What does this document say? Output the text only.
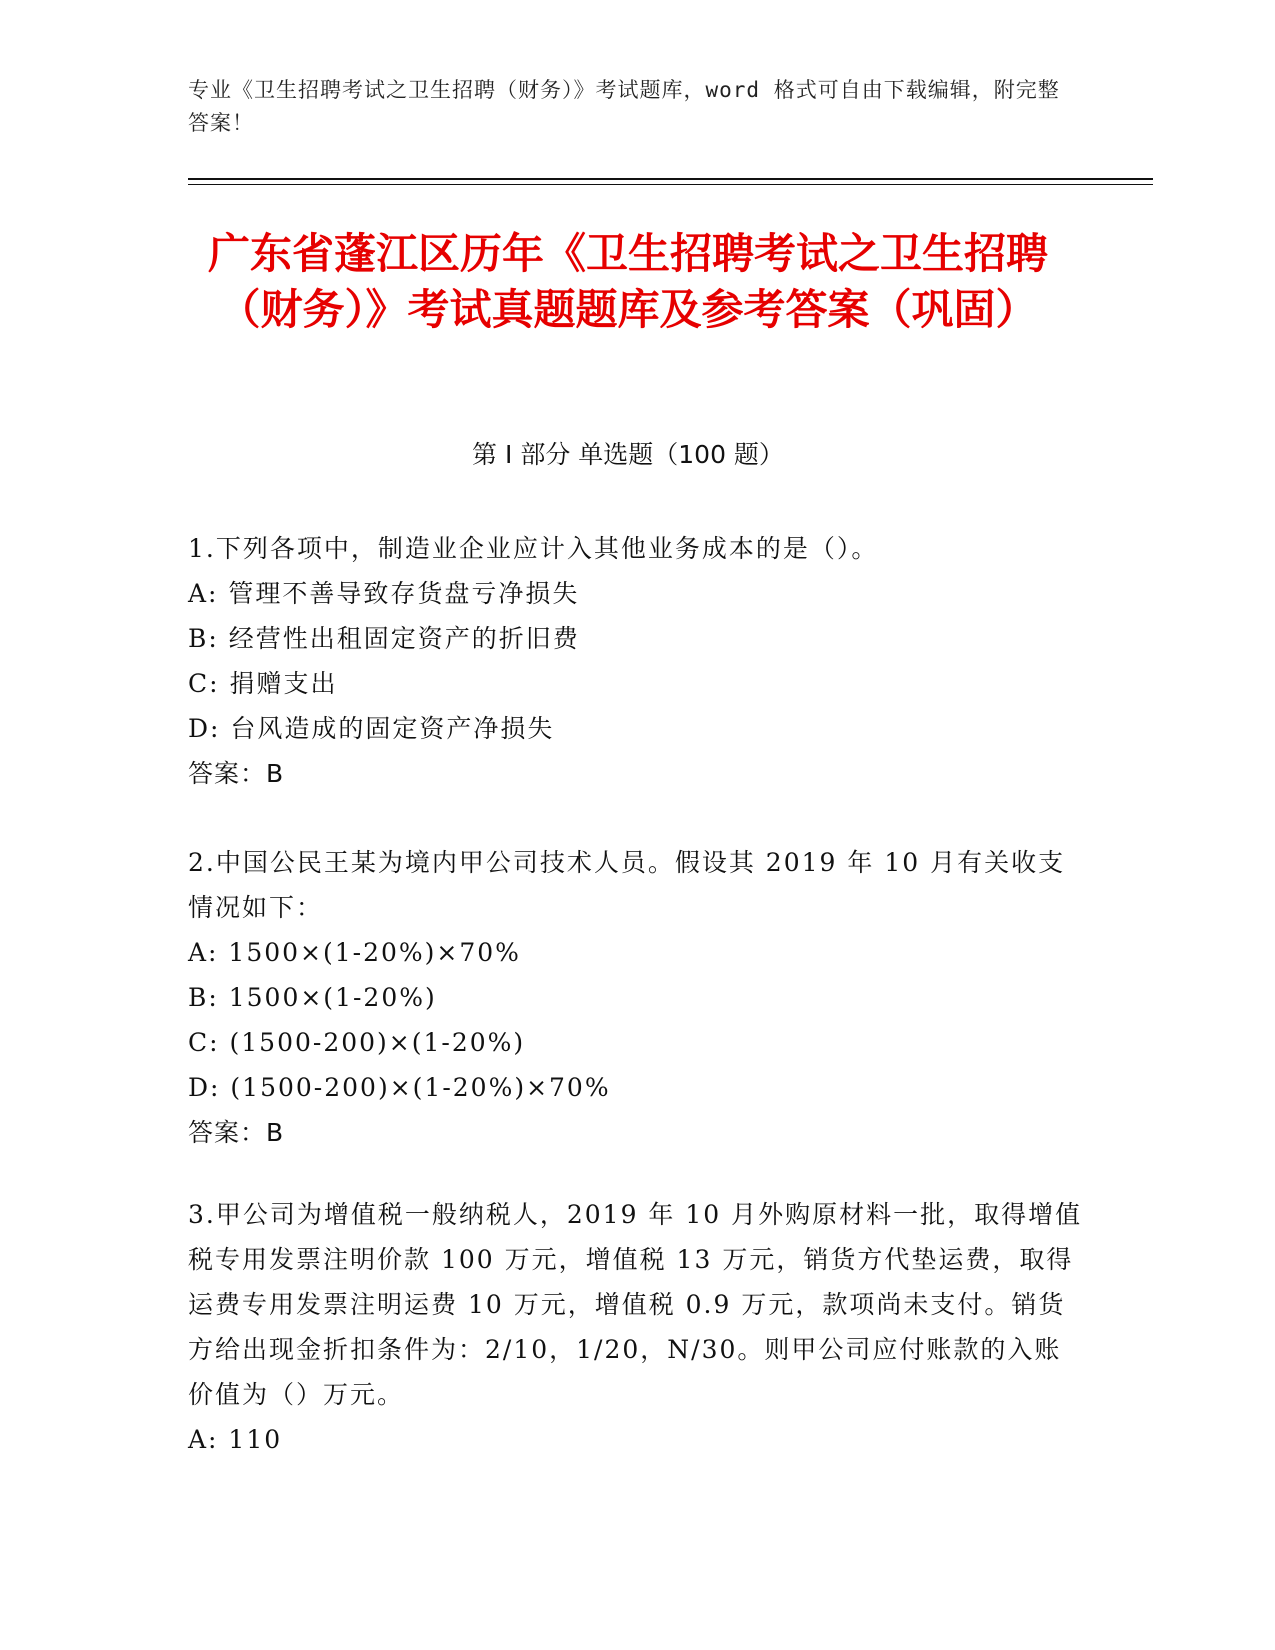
专业《卫生招聘考试之卫生招聘（财务）》考试题库，word 格式可自由下载编辑，附完整答案！
广东省蓬江区历年《卫生招聘考试之卫生招聘（财务）》考试真题题库及参考答案（巩固）
第 I 部分 单选题（100 题）

1.下列各项中，制造业企业应计入其他业务成本的是（）。

A: 管理不善导致存货盘亏净损失

B: 经营性出租固定资产的折旧费

C: 捐赠支出

D: 台风造成的固定资产净损失

答案：B

2.中国公民王某为境内甲公司技术人员。假设其 2019 年 10 月有关收支情况如下：

A: 1500×(1-20%)×70%

B: 1500×(1-20%)

C: (1500-200)×(1-20%)

D: (1500-200)×(1-20%)×70%

答案：B

3.甲公司为增值税一般纳税人，2019 年 10 月外购原材料一批，取得增值税专用发票注明价款 100 万元，增值税 13 万元，销货方代垫运费，取得运费专用发票注明运费 10 万元，增值税 0.9 万元，款项尚未支付。销货方给出现金折扣条件为：2/10，1/20，N/30。则甲公司应付账款的入账价值为（）万元。

A: 110
